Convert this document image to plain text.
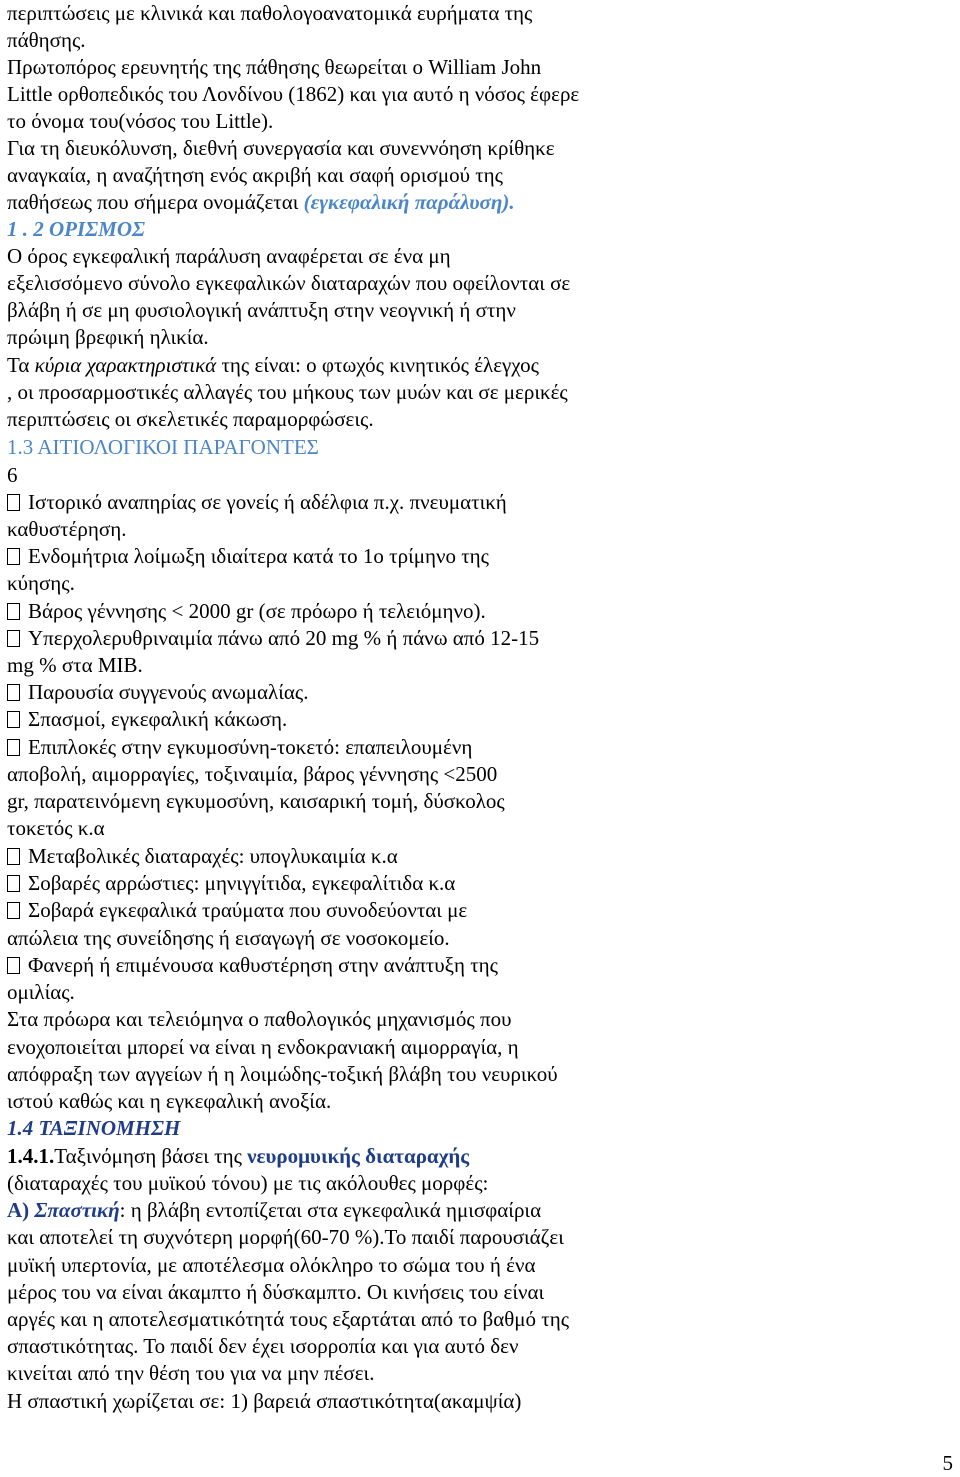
περιπτώσεις με κλινικά και παθολογοανατομικά ευρήματα της
πάθησης.
Πρωτοπόρος ερευνητής της πάθησης θεωρείται ο William John
Little ορθοπεδικός του Λονδίνου (1862) και για αυτό η νόσος έφερε
το όνομα του(νόσος του Little).
Για τη διευκόλυνση, διεθνή συνεργασία και συνεννόηση κρίθηκε
αναγκαία, η αναζήτηση ενός ακριβή και σαφή ορισμού της
παθήσεως που σήμερα ονομάζεται (εγκεφαλική παράλυση).
1 . 2 ΟΡΙΣΜΟΣ
Ο όρος εγκεφαλική παράλυση αναφέρεται σε ένα μη
εξελισσόμενο σύνολο εγκεφαλικών διαταραχών που οφείλονται σε
βλάβη ή σε μη φυσιολογική ανάπτυξη στην νεογνική ή στην
πρώιμη βρεφική ηλικία.
Τα κύρια χαρακτηριστικά της είναι: ο φτωχός κινητικός έλεγχος
, οι προσαρμοστικές αλλαγές του μήκους των μυών και σε μερικές
περιπτώσεις οι σκελετικές παραμορφώσεις.
1.3 ΑΙΤΙΟΛΟΓΙΚΟΙ ΠΑΡΑΓΟΝΤΕΣ
6
Ιστορικό αναπηρίας σε γονείς ή αδέλφια π.χ. πνευματική
καθυστέρηση.
Ενδομήτρια λοίμωξη ιδιαίτερα κατά το 1ο τρίμηνο της
κύησης.
Βάρος γέννησης < 2000 gr (σε πρόωρο ή τελειόμηνο).
Υπερχολερυθριναιμία πάνω από 20 mg % ή πάνω από 12-15
mg % στα ΜΙΒ.
Παρουσία συγγενούς ανωμαλίας.
Σπασμοί, εγκεφαλική κάκωση.
Επιπλοκές στην εγκυμοσύνη-τοκετό: επαπειλουμένη
αποβολή, αιμορραγίες, τοξιναιμία, βάρος γέννησης <2500
gr, παρατεινόμενη εγκυμοσύνη, καισαρική τομή, δύσκολος
τοκετός κ.α
Μεταβολικές διαταραχές: υπογλυκαιμία κ.α
Σοβαρές αρρώστιες: μηνιγγίτιδα, εγκεφαλίτιδα κ.α
Σοβαρά εγκεφαλικά τραύματα που συνοδεύονται με
απώλεια της συνείδησης ή εισαγωγή σε νοσοκομείο.
Φανερή ή επιμένουσα καθυστέρηση στην ανάπτυξη της
ομιλίας.
Στα πρόωρα και τελειόμηνα ο παθολογικός μηχανισμός που
ενοχοποιείται μπορεί να είναι η ενδοκρανιακή αιμορραγία, η
απόφραξη των αγγείων ή η λοιμώδης-τοξική βλάβη του νευρικού
ιστού καθώς και η εγκεφαλική ανοξία.
1.4 ΤΑΞΙΝΟΜΗΣΗ
1.4.1.Ταξινόμηση βάσει της νευρομυικής διαταραχής
(διαταραχές του μυϊκού τόνου) με τις ακόλουθες μορφές:
Α) Σπαστική: η βλάβη εντοπίζεται στα εγκεφαλικά ημισφαίρια
και αποτελεί τη συχνότερη μορφή(60-70 %).Το παιδί παρουσιάζει
μυϊκή υπερτονία, με αποτέλεσμα ολόκληρο το σώμα του ή ένα
μέρος του να είναι άκαμπτο ή δύσκαμπτο. Οι κινήσεις του είναι
αργές και η αποτελεσματικότητά τους εξαρτάται από το βαθμό της
σπαστικότητας. Το παιδί δεν έχει ισορροπία και για αυτό δεν
κινείται από την θέση του για να μην πέσει.
Η σπαστική χωρίζεται σε: 1) βαρειά σπαστικότητα(ακαμψία)
5
